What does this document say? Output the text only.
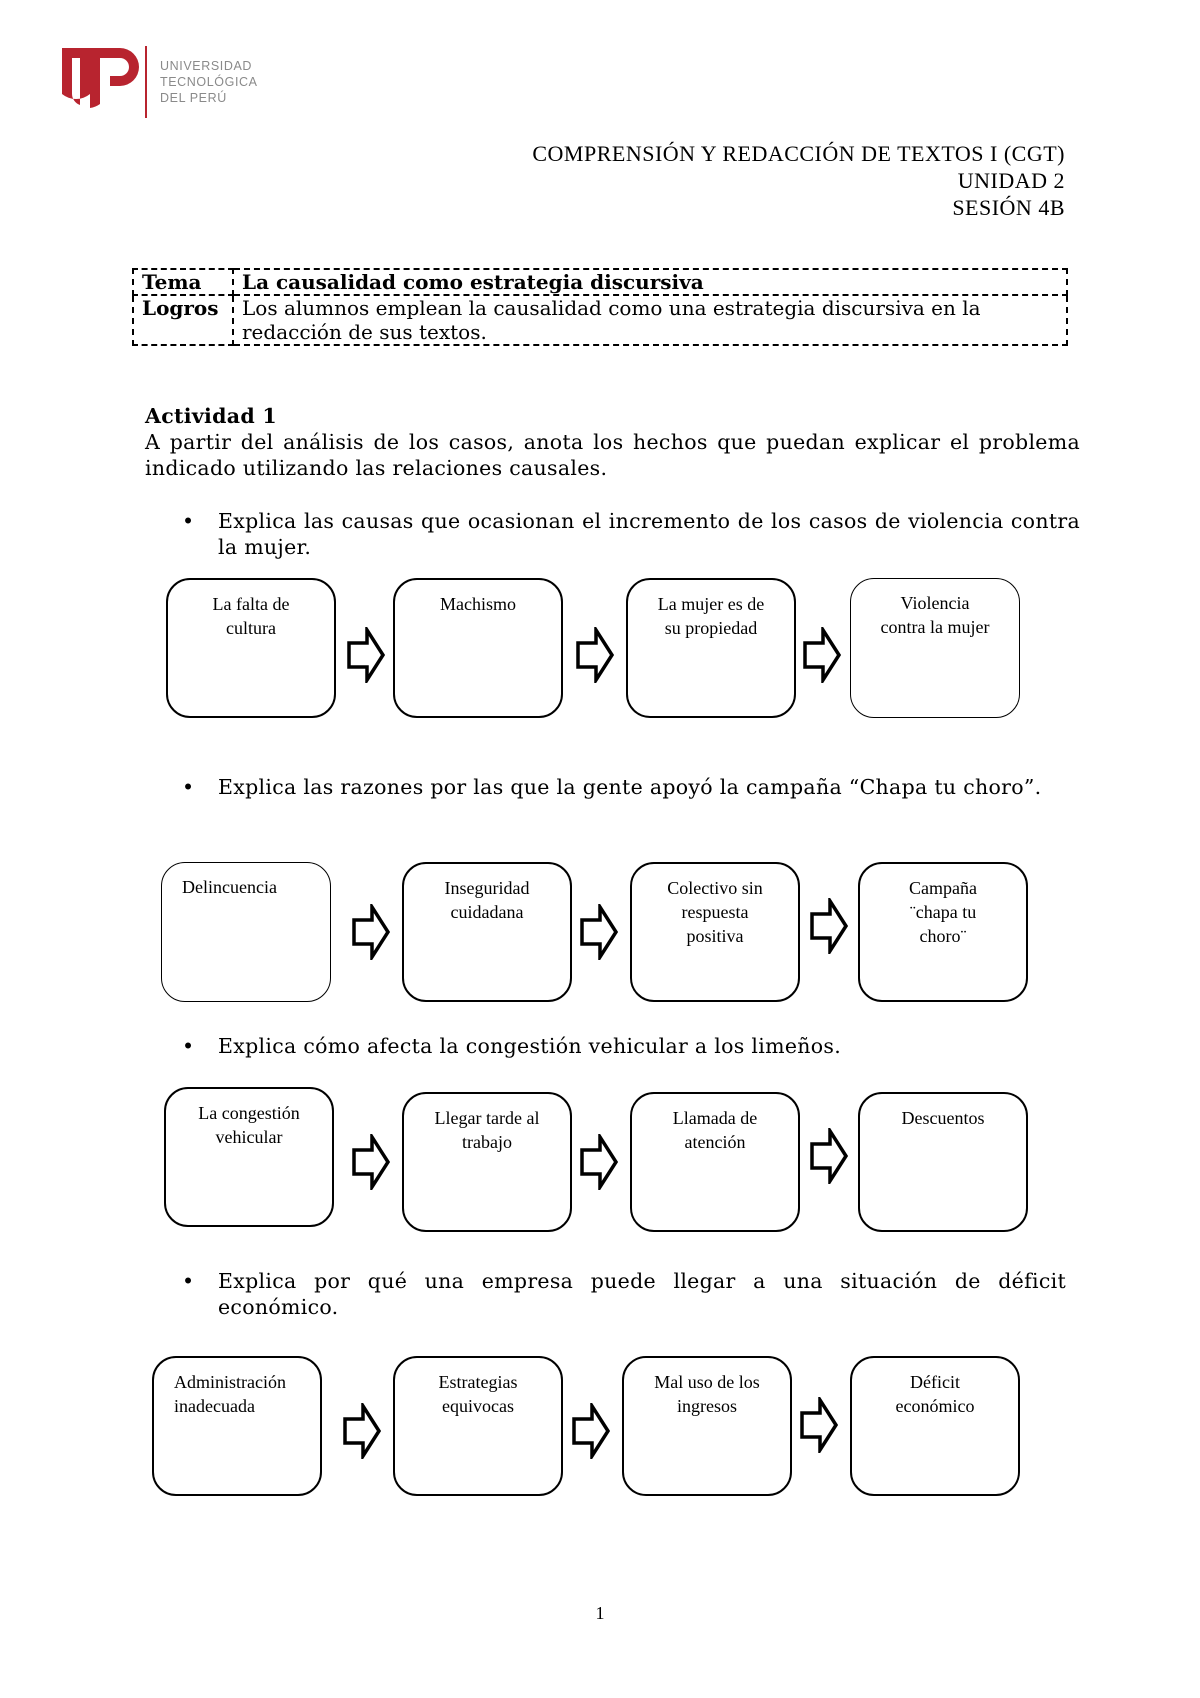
UNIVERSIDAD
TECNOLÓGICA
DEL PERÚ
COMPRENSIÓN Y REDACCIÓN DE TEXTOS I (CGT)
UNIDAD 2
SESIÓN 4B
Tema	La causalidad como estrategia discursiva
Logros	Los alumnos emplean la causalidad como una estrategia discursiva en la redacción de sus textos.
Actividad 1
A partir del análisis de los casos, anota los hechos que puedan explicar el problema indicado utilizando las relaciones causales.
• Explica las causas que ocasionan el incremento de los casos de violencia contra la mujer.
La falta de
cultura
Machismo	La mujer es de
su propiedad
Violencia
contra la mujer
• Explica las razones por las que la gente apoyó la campaña “Chapa tu choro”.
Delincuencia	Inseguridad
cuidadana
Colectivo sin
respuesta
positiva
Campaña
¨chapa tu
choro¨
• Explica cómo afecta la congestión vehicular a los limeños.
La congestión
vehicular
Llegar tarde al
trabajo
Llamada de
atención
Descuentos
• Explica por qué una empresa puede llegar a una situación de déficit económico.
Administración
inadecuada
Estrategias
equivocas
Mal uso de los
ingresos
Déficit
económico
1
